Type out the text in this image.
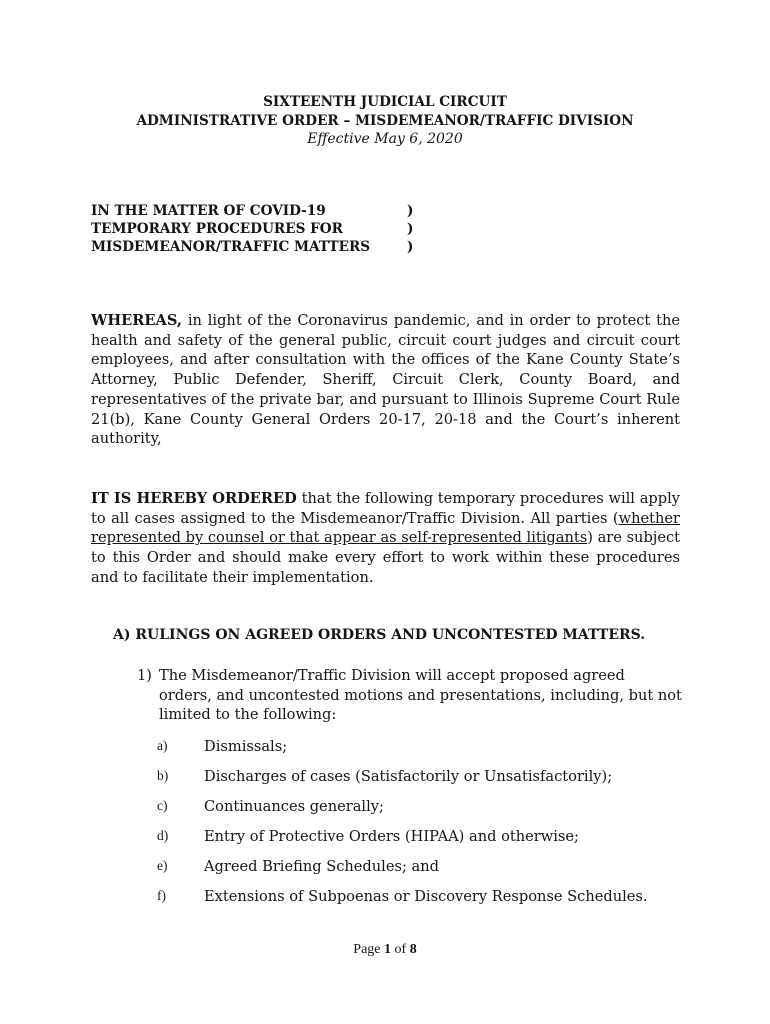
SIXTEENTH JUDICIAL CIRCUIT
ADMINISTRATIVE ORDER – MISDEMEANOR/TRAFFIC DIVISION
Effective May 6, 2020
IN THE MATTER OF COVID-19	)
TEMPORARY PROCEDURES FOR	)
MISDEMEANOR/TRAFFIC MATTERS	)
WHEREAS, in light of the Coronavirus pandemic, and in order to protect the health and safety of the general public, circuit court judges and circuit court employees, and after consultation with the offices of the Kane County State’s Attorney, Public Defender, Sheriff, Circuit Clerk, County Board, and representatives of the private bar, and pursuant to Illinois Supreme Court Rule 21(b), Kane County General Orders 20-17, 20-18 and the Court’s inherent authority,
IT IS HEREBY ORDERED that the following temporary procedures will apply to all cases assigned to the Misdemeanor/Traffic Division. All parties (whether represented by counsel or that appear as self-represented litigants) are subject to this Order and should make every effort to work within these procedures and to facilitate their implementation.
A) RULINGS ON AGREED ORDERS AND UNCONTESTED MATTERS.
1) The Misdemeanor/Traffic Division will accept proposed agreed orders, and uncontested motions and presentations, including, but not limited to the following:
a)	Dismissals;
b) Discharges of cases (Satisfactorily or Unsatisfactorily);
c)	Continuances generally;
d) Entry of Protective Orders (HIPAA) and otherwise;
e)	Agreed Briefing Schedules; and
f)	Extensions of Subpoenas or Discovery Response Schedules.
Page 1 of 8
